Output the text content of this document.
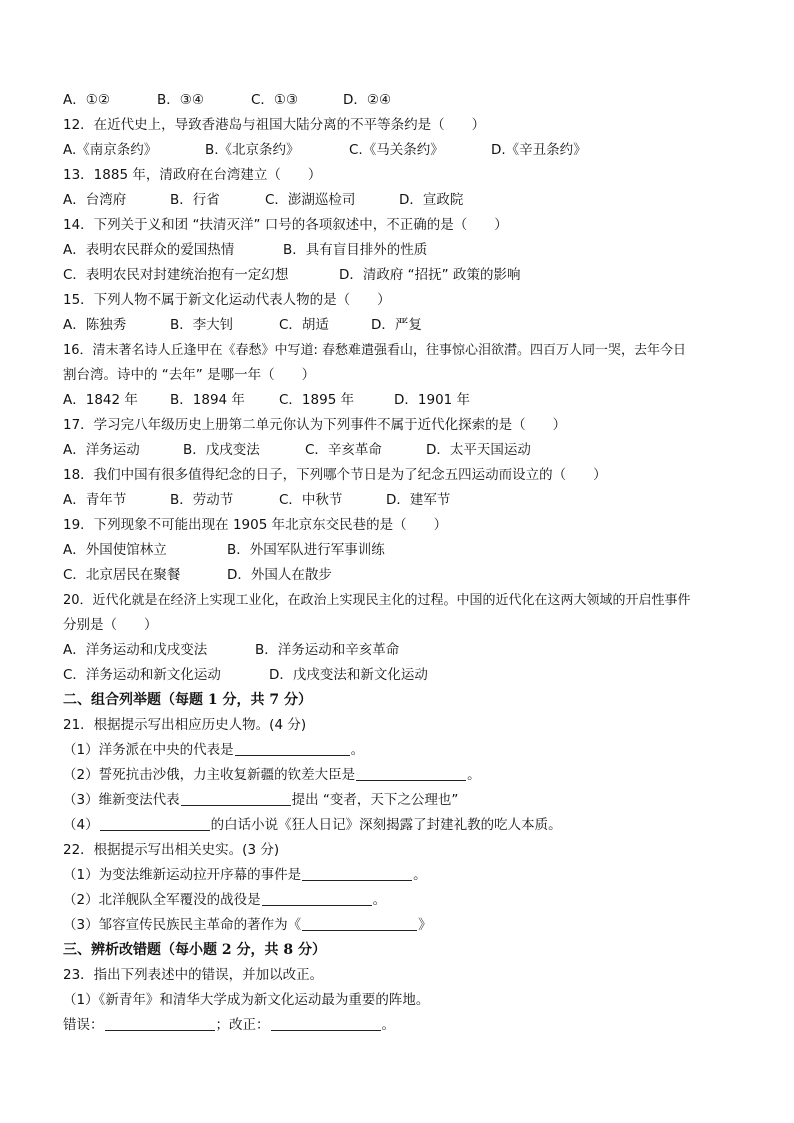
A．①②	B．③④	C．①③	D．②④
12．在近代史上，导致香港岛与祖国大陆分离的不平等条约是（　　）
A.《南京条约》	B.《北京条约》	C.《马关条约》	D.《辛丑条约》
13．1885 年，清政府在台湾建立（　　）
A．台湾府	B．行省	C．澎湖巡检司	D．宣政院
14．下列关于义和团 “扶清灭洋” 口号的各项叙述中，不正确的是（　　）
A．表明农民群众的爱国热情	B．具有盲目排外的性质
C．表明农民对封建统治抱有一定幻想	D．清政府 “招抚” 政策的影响
15．下列人物不属于新文化运动代表人物的是（　　）
A．陈独秀	B．李大钊	C．胡适	D．严复
16．清末著名诗人丘逢甲在《春愁》中写道: 春愁难遣强看山，往事惊心泪欲潸。四百万人同一哭，去年今日
割台湾。诗中的 “去年” 是哪一年（　　）
A．1842 年	B．1894 年	C．1895 年	D．1901 年
17．学习完八年级历史上册第二单元你认为下列事件不属于近代化探索的是（　　）
A．洋务运动	B．戊戌变法	C．辛亥革命	D．太平天国运动
18．我们中国有很多值得纪念的日子，下列哪个节日是为了纪念五四运动而设立的（　　）
A．青年节	B．劳动节	C．中秋节	D．建军节
19．下列现象不可能出现在 1905 年北京东交民巷的是（　　）
A．外国使馆林立	B．外国军队进行军事训练
C．北京居民在聚餐	D．外国人在散步
20．近代化就是在经济上实现工业化，在政治上实现民主化的过程。中国的近代化在这两大领域的开启性事件
分别是（　　）
A．洋务运动和戊戌变法	B．洋务运动和辛亥革命
C．洋务运动和新文化运动	D．戊戌变法和新文化运动
二、组合列举题（每题 1 分，共 7 分）
21．根据提示写出相应历史人物。(4 分)
（1）洋务派在中央的代表是	。
（2）誓死抗击沙俄，力主收复新疆的钦差大臣是	。
（3）维新变法代表	提出 “变者，天下之公理也”
（4）	的白话小说《狂人日记》深刻揭露了封建礼教的吃人本质。
22．根据提示写出相关史实。(3 分)
（1）为变法维新运动拉开序幕的事件是	。
（2）北洋舰队全军覆没的战役是	。
（3）邹容宣传民族民主革命的著作为《	》
三、辨析改错题（每小题 2 分，共 8 分）
23．指出下列表述中的错误，并加以改正。
（1）《新青年》和清华大学成为新文化运动最为重要的阵地。
错误：	；改正：	。
